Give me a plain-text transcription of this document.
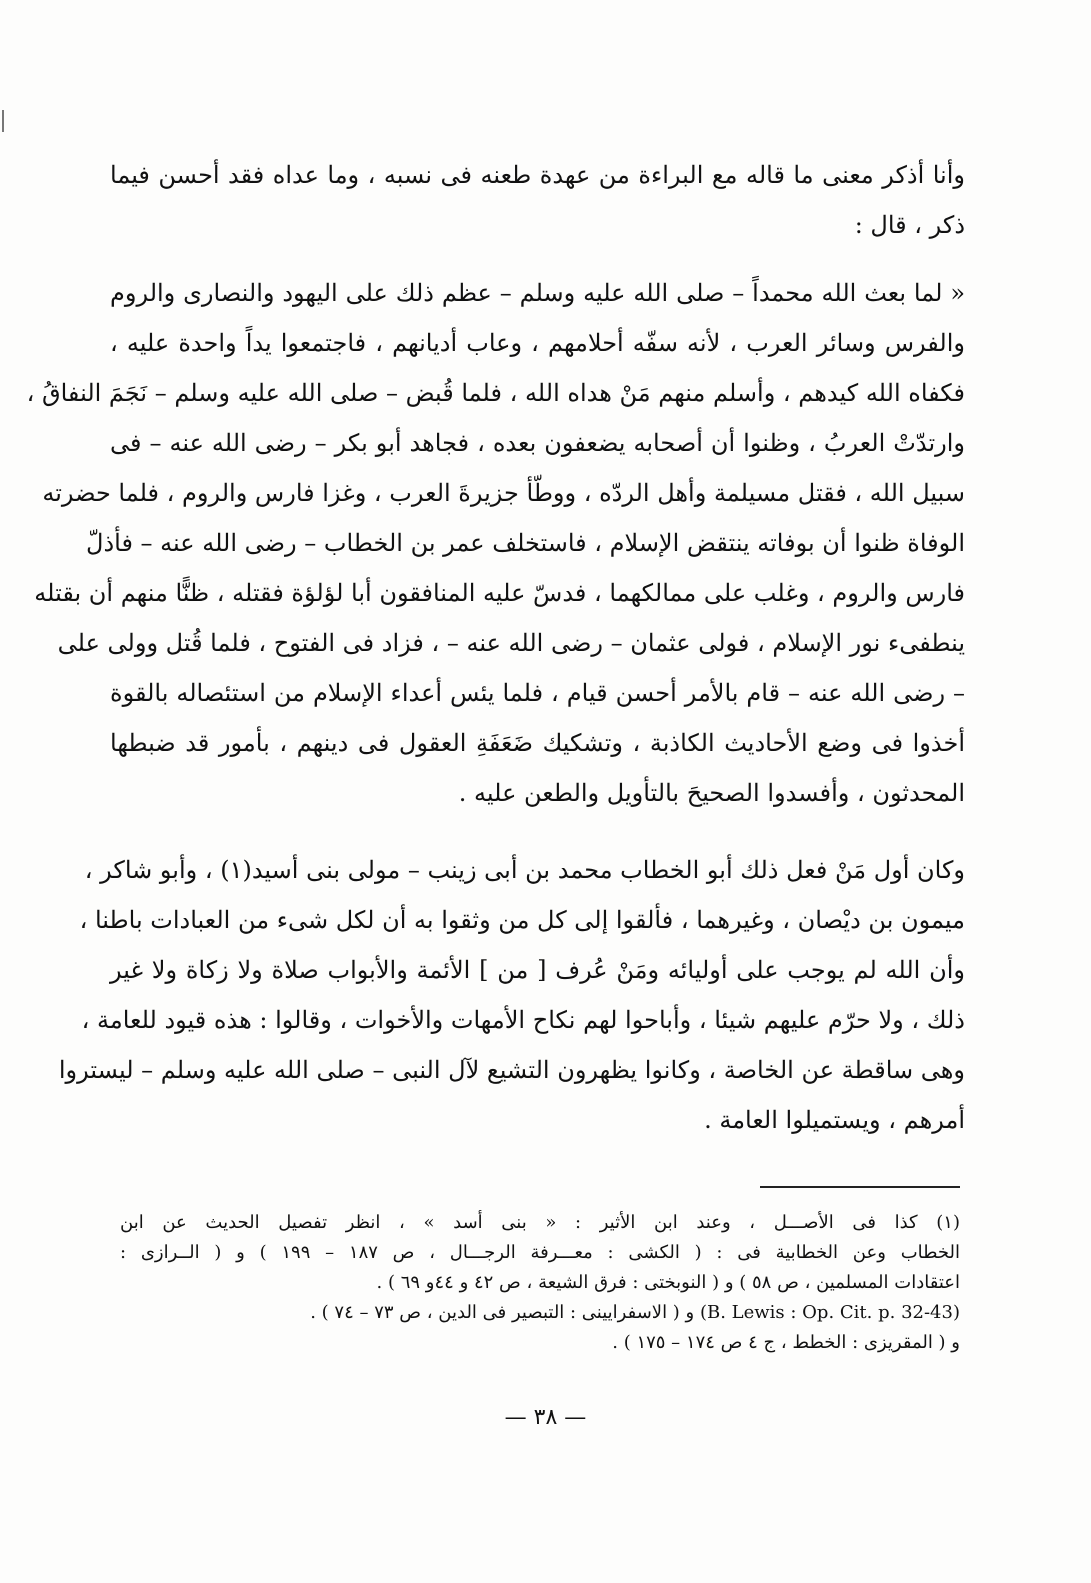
وأنا أذكر معنى ما قاله مع البراءة من عهدة طعنه فى نسبه ، وما عداه فقد أحسن فيما
ذكر ، قال :
« لما بعث الله محمداً – صلى الله عليه وسلم – عظم ذلك على اليهود والنصارى والروم
والفرس وسائر العرب ، لأنه سفّه أحلامهم ، وعاب أديانهم ، فاجتمعوا يداً واحدة عليه ،
فكفاه الله كيدهم ، وأسلم منهم مَنْ هداه الله ، فلما قُبض – صلى الله عليه وسلم – نَجَمَ النفاقُ ،
وارتدّتْ العربُ ، وظنوا أن أصحابه يضعفون بعده ، فجاهد أبو بكر – رضى الله عنه – فى
سبيل الله ، فقتل مسيلمة وأهل الردّه ، ووطّأ جزيرةَ العرب ، وغزا فارس والروم ، فلما حضرته
الوفاة ظنوا أن بوفاته ينتقض الإسلام ، فاستخلف عمر بن الخطاب – رضى الله عنه – فأذلّ
فارس والروم ، وغلب على ممالكهما ، فدسّ عليه المنافقون أبا لؤلؤة فقتله ، ظنًّا منهم أن بقتله
ينطفىء نور الإسلام ، فولى عثمان – رضى الله عنه – ، فزاد فى الفتوح ، فلما قُتل وولى على
– رضى الله عنه – قام بالأمر أحسن قيام ، فلما يئس أعداء الإسلام من استئصاله بالقوة
أخذوا فى وضع الأحاديث الكاذبة ، وتشكيك ضَعَفَةِ العقول فى دينهم ، بأمور قد ضبطها
المحدثون ، وأفسدوا الصحيحَ بالتأويل والطعن عليه .
وكان أول مَنْ فعل ذلك أبو الخطاب محمد بن أبى زينب – مولى بنى أسيد(١) ، وأبو شاكر ،
ميمون بن ديْصان ، وغيرهما ، فألقوا إلى كل من وثقوا به أن لكل شىء من العبادات باطنا ،
وأن الله لم يوجب على أوليائه ومَنْ عُرف [ من ] الأئمة والأبواب صلاة ولا زكاة ولا غير
ذلك ، ولا حرّم عليهم شيئا ، وأباحوا لهم نكاح الأمهات والأخوات ، وقالوا : هذه قيود للعامة ،
وهى ساقطة عن الخاصة ، وكانوا يظهرون التشيع لآل النبى – صلى الله عليه وسلم – ليستروا
أمرهم ، ويستميلوا العامة .
(١) كذا فى الأصـــل ، وعند ابن الأثير : « بنى أسد » ، انظر تفصيل الحديث عن ابن
الخطاب وعن الخطابية فى : ( الكشى : معـــرفة الرجـــال ، ص ١٨٧ – ١٩٩ ) و ( الــرازى :
اعتقادات المسلمين ، ص ٥٨ ) و ( النوبختى : فرق الشيعة ، ص ٤٢ و ٤٤و ٦٩ ) .
(B. Lewis : Op. Cit. p. 32-43) و ( الاسفرايينى : التبصير فى الدين ، ص ٧٣ – ٧٤ ) .
و ( المقريزى : الخطط ، ج ٤ ص ١٧٤ – ١٧٥ ) .
— ٣٨ —
